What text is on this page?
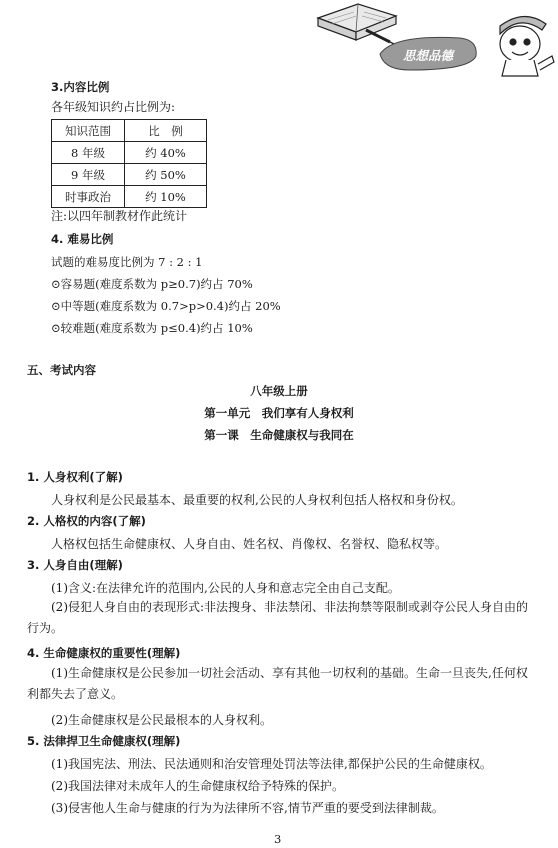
思想品德
3.内容比例
各年级知识约占比例为:
知识范围	比　例
8 年级	约 40%
9 年级	约 50%
时事政治	约 10%
注:以四年制教材作此统计
4. 难易比例
试题的难易度比例为 7 : 2 : 1
⊙容易题(难度系数为 p≥0.7)约占 70%
⊙中等题(难度系数为 0.7>p>0.4)约占 20%
⊙较难题(难度系数为 p≤0.4)约占 10%
五、考试内容
八年级上册
第一单元　我们享有人身权利
第一课　生命健康权与我同在
1. 人身权利(了解)
人身权利是公民最基本、最重要的权利,公民的人身权利包括人格权和身份权。
2. 人格权的内容(了解)
人格权包括生命健康权、人身自由、姓名权、肖像权、名誉权、隐私权等。
3. 人身自由(理解)
(1)含义:在法律允许的范围内,公民的人身和意志完全由自己支配。
(2)侵犯人身自由的表现形式:非法搜身、非法禁闭、非法拘禁等限制或剥夺公民人身自由的行为。
4. 生命健康权的重要性(理解)
(1)生命健康权是公民参加一切社会活动、享有其他一切权利的基础。生命一旦丧失,任何权利都失去了意义。
(2)生命健康权是公民最根本的人身权利。
5. 法律捍卫生命健康权(理解)
(1)我国宪法、刑法、民法通则和治安管理处罚法等法律,都保护公民的生命健康权。
(2)我国法律对未成年人的生命健康权给予特殊的保护。
(3)侵害他人生命与健康的行为为法律所不容,情节严重的要受到法律制裁。
3
